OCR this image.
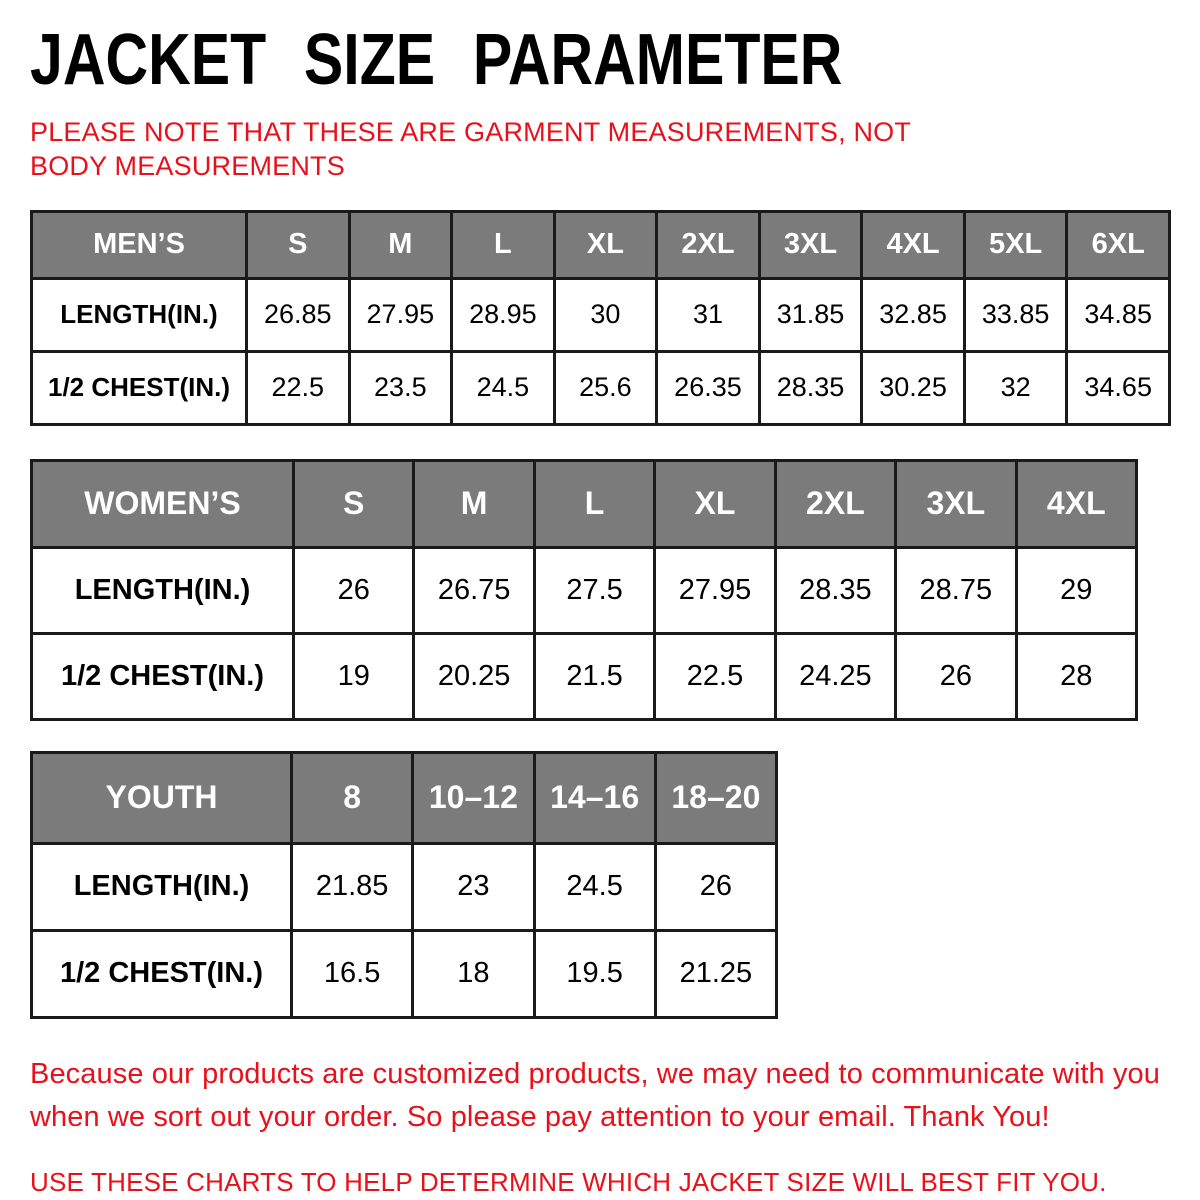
JACKET SIZE PARAMETER

PLEASE NOTE THAT THESE ARE GARMENT MEASUREMENTS, NOT BODY MEASUREMENTS

MEN’S	S	M	L	XL	2XL	3XL	4XL	5XL	6XL
LENGTH(IN.)	26.85	27.95	28.95	30	31	31.85	32.85	33.85	34.85
1/2 CHEST(IN.)	22.5	23.5	24.5	25.6	26.35	28.35	30.25	32	34.65
WOMEN’S	S	M	L	XL	2XL	3XL	4XL
LENGTH(IN.)	26	26.75	27.5	27.95	28.35	28.75	29
1/2 CHEST(IN.)	19	20.25	21.5	22.5	24.25	26	28
YOUTH	8	10–12	14–16	18–20
LENGTH(IN.)	21.85	23	24.5	26
1/2 CHEST(IN.)	16.5	18	19.5	21.25

Because our products are customized products, we may need to communicate with you when we sort out your order. So please pay attention to your email. Thank You!

USE THESE CHARTS TO HELP DETERMINE WHICH JACKET SIZE WILL BEST FIT YOU.
